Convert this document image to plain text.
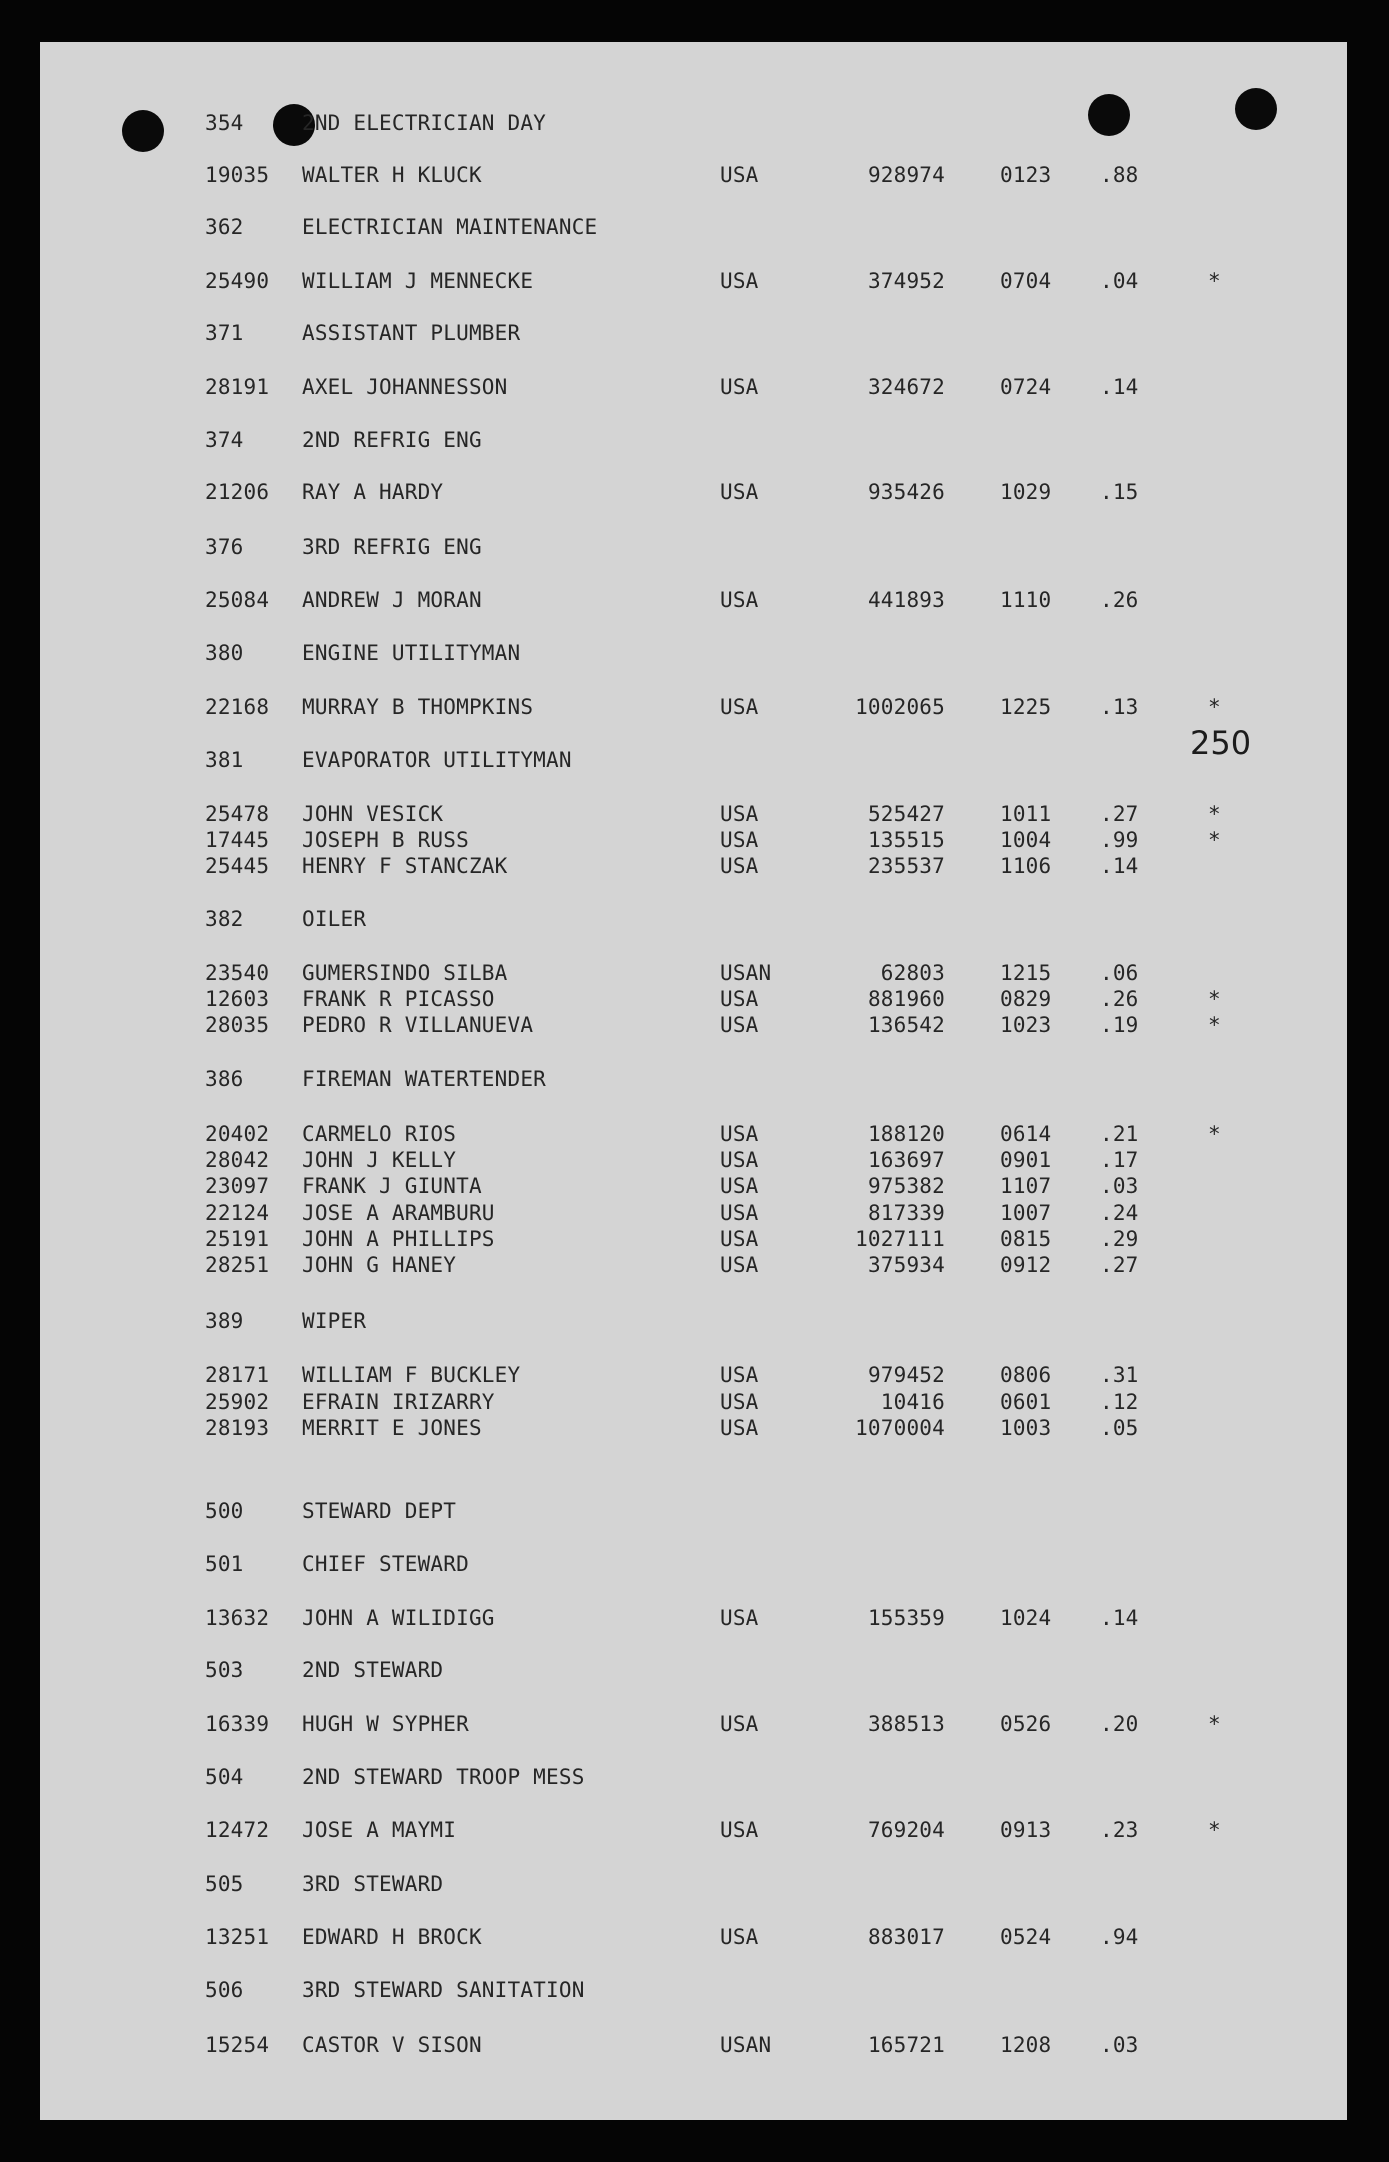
354	2ND ELECTRICIAN DAY
19035 WALTER H KLUCK	USA	928974	0123 .88
362	ELECTRICIAN MAINTENANCE
25490 WILLIAM J MENNECKE	USA	374952	0704 .04	*
371	ASSISTANT PLUMBER
28191 AXEL JOHANNESSON	USA	324672	0724 .14
374	2ND REFRIG ENG
21206 RAY A HARDY	USA	935426	1029 .15
376	3RD REFRIG ENG
25084 ANDREW J MORAN	USA	441893	1110 .26
380	ENGINE UTILITYMAN
22168 MURRAY B THOMPKINS	USA	1002065	1225 .13	*
381	EVAPORATOR UTILITYMAN
25478 JOHN VESICK	USA	525427	1011 .27	*
17445 JOSEPH B RUSS	USA	135515	1004 .99	*
25445 HENRY F STANCZAK	USA	235537	1106 .14
382	OILER
23540 GUMERSINDO SILBA	USAN	62803	1215 .06
12603 FRANK R PICASSO	USA	881960	0829 .26	*
28035 PEDRO R VILLANUEVA	USA	136542	1023 .19	*
386	FIREMAN WATERTENDER
20402 CARMELO RIOS	USA	188120	0614 .21	*
28042 JOHN J KELLY	USA	163697	0901 .17
23097 FRANK J GIUNTA	USA	975382	1107 .03
22124 JOSE A ARAMBURU	USA	817339	1007 .24
25191 JOHN A PHILLIPS	USA	1027111	0815 .29
28251 JOHN G HANEY	USA	375934	0912 .27
389	WIPER
28171 WILLIAM F BUCKLEY	USA	979452	0806 .31
25902 EFRAIN IRIZARRY	USA	10416	0601 .12
28193 MERRIT E JONES	USA	1070004	1003 .05
500	STEWARD DEPT
501	CHIEF STEWARD
13632 JOHN A WILIDIGG	USA	155359	1024 .14
503	2ND STEWARD
16339 HUGH W SYPHER	USA	388513	0526 .20	*
504	2ND STEWARD TROOP MESS
12472 JOSE A MAYMI	USA	769204	0913 .23	*
505	3RD STEWARD
13251 EDWARD H BROCK	USA	883017	0524 .94
506	3RD STEWARD SANITATION
15254 CASTOR V SISON	USAN	165721	1208 .03
250
